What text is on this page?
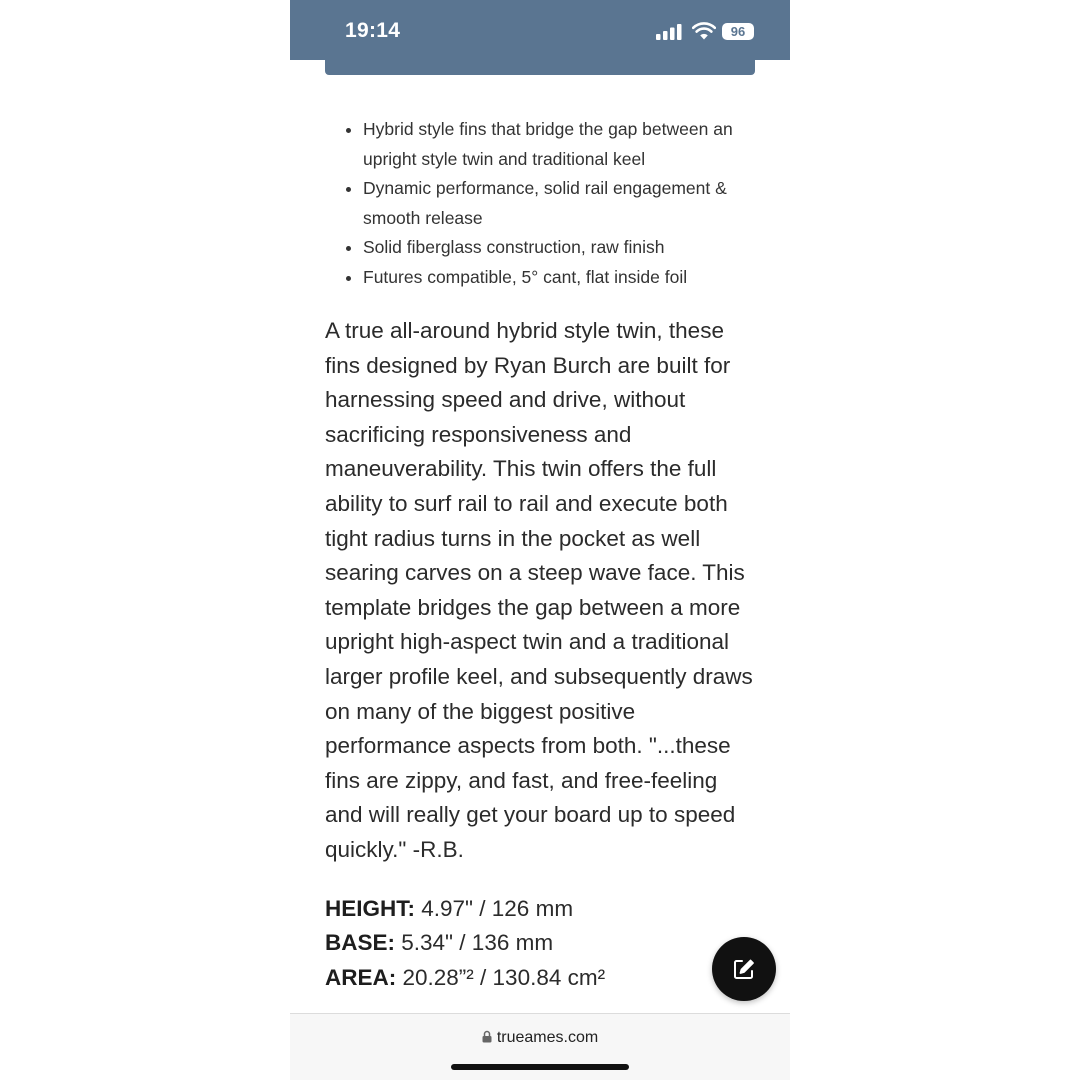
19:14	96
• Hybrid style fins that bridge the gap between an upright style twin and traditional keel
• Dynamic performance, solid rail engagement & smooth release
• Solid fiberglass construction, raw finish
• Futures compatible, 5° cant, flat inside foil
A true all-around hybrid style twin, these fins designed by Ryan Burch are built for harnessing speed and drive, without sacrificing responsiveness and maneuverability. This twin offers the full ability to surf rail to rail and execute both tight radius turns in the pocket as well searing carves on a steep wave face. This template bridges the gap between a more upright high-aspect twin and a traditional larger profile keel, and subsequently draws on many of the biggest positive performance aspects from both. "...these fins are zippy, and fast, and free-feeling and will really get your board up to speed quickly." -R.B.
HEIGHT: 4.97" / 126 mm
BASE: 5.34" / 136 mm
AREA: 20.28”² / 130.84 cm²
trueames.com
